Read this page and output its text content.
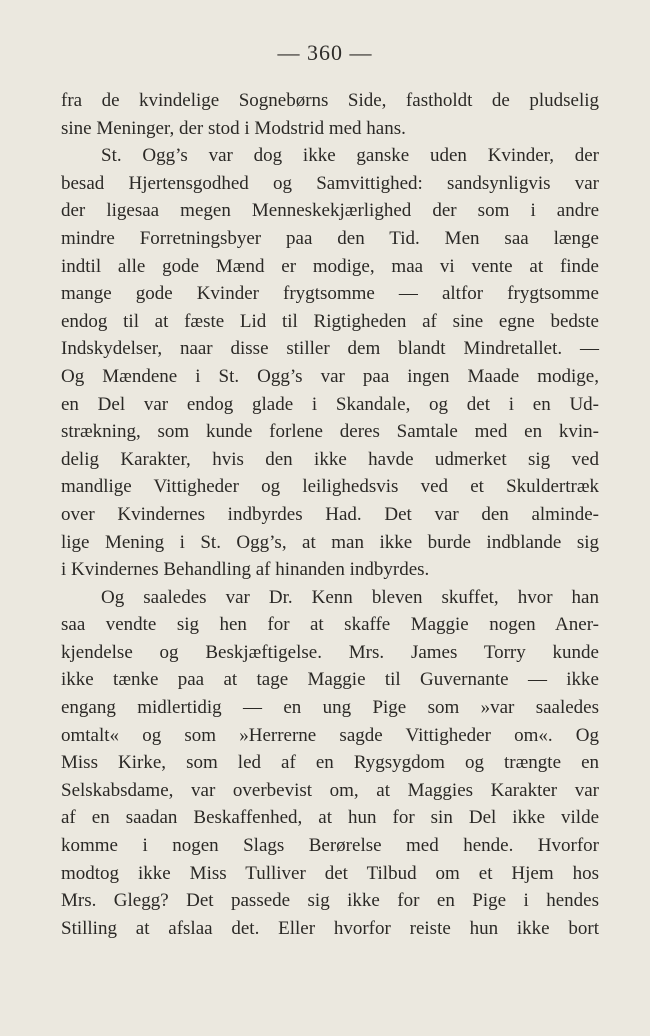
— 360 —
fra de kvindelige Sognebørns Side, fastholdt de pludselig
sine Meninger, der stod i Modstrid med hans.
St. Ogg’s var dog ikke ganske uden Kvinder, der
besad Hjertensgodhed og Samvittighed: sandsynligvis var
der ligesaa megen Menneskekjærlighed der som i andre
mindre Forretningsbyer paa den Tid. Men saa længe
indtil alle gode Mænd er modige, maa vi vente at finde
mange gode Kvinder frygtsomme — altfor frygtsomme
endog til at fæste Lid til Rigtigheden af sine egne bedste
Indskydelser, naar disse stiller dem blandt Mindretallet. —
Og Mændene i St. Ogg’s var paa ingen Maade modige,
en Del var endog glade i Skandale, og det i en Ud-
strækning, som kunde forlene deres Samtale med en kvin-
delig Karakter, hvis den ikke havde udmerket sig ved
mandlige Vittigheder og leilighedsvis ved et Skuldertræk
over Kvindernes indbyrdes Had. Det var den alminde-
lige Mening i St. Ogg’s, at man ikke burde indblande sig
i Kvindernes Behandling af hinanden indbyrdes.
Og saaledes var Dr. Kenn bleven skuffet, hvor han
saa vendte sig hen for at skaffe Maggie nogen Aner-
kjendelse og Beskjæftigelse. Mrs. James Torry kunde
ikke tænke paa at tage Maggie til Guvernante — ikke
engang midlertidig — en ung Pige som »var saaledes
omtalt« og som »Herrerne sagde Vittigheder om«. Og
Miss Kirke, som led af en Rygsygdom og trængte en
Selskabsdame, var overbevist om, at Maggies Karakter var
af en saadan Beskaffenhed, at hun for sin Del ikke vilde
komme i nogen Slags Berørelse med hende. Hvorfor
modtog ikke Miss Tulliver det Tilbud om et Hjem hos
Mrs. Glegg? Det passede sig ikke for en Pige i hendes
Stilling at afslaa det. Eller hvorfor reiste hun ikke bort
